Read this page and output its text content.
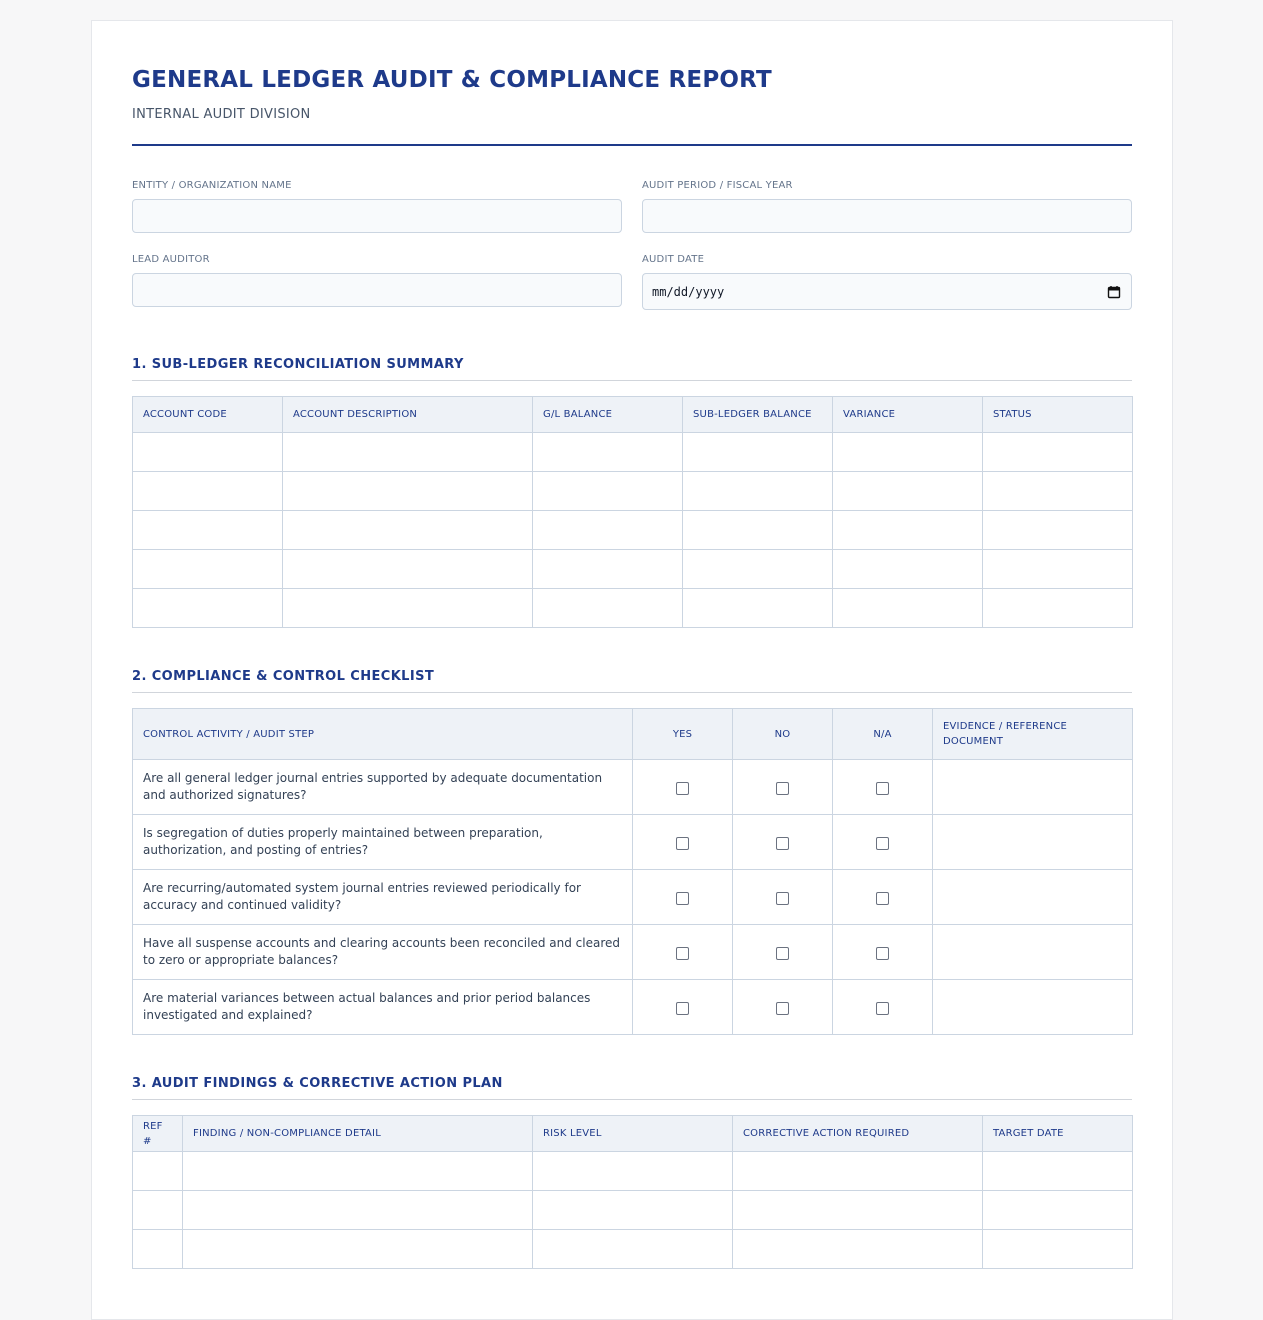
GENERAL LEDGER AUDIT & COMPLIANCE REPORT
INTERNAL AUDIT DIVISION
ENTITY / ORGANIZATION NAME	AUDIT PERIOD / FISCAL YEAR
LEAD AUDITOR	AUDIT DATE
mm/dd/yyyy
1. SUB-LEDGER RECONCILIATION SUMMARY
ACCOUNT CODE	ACCOUNT DESCRIPTION	G/L BALANCE	SUB-LEDGER BALANCE	VARIANCE	STATUS

2. COMPLIANCE & CONTROL CHECKLIST
CONTROL ACTIVITY / AUDIT STEP	YES	NO	N/A	EVIDENCE / REFERENCE DOCUMENT
Are all general ledger journal entries supported by adequate documentation and authorized signatures?				
Is segregation of duties properly maintained between preparation, authorization, and posting of entries?				
Are recurring/automated system journal entries reviewed periodically for accuracy and continued validity?				
Have all suspense accounts and clearing accounts been reconciled and cleared to zero or appropriate balances?				
Are material variances between actual balances and prior period balances investigated and explained?				
3. AUDIT FINDINGS & CORRECTIVE ACTION PLAN
REF #	FINDING / NON-COMPLIANCE DETAIL	RISK LEVEL	CORRECTIVE ACTION REQUIRED	TARGET DATE
